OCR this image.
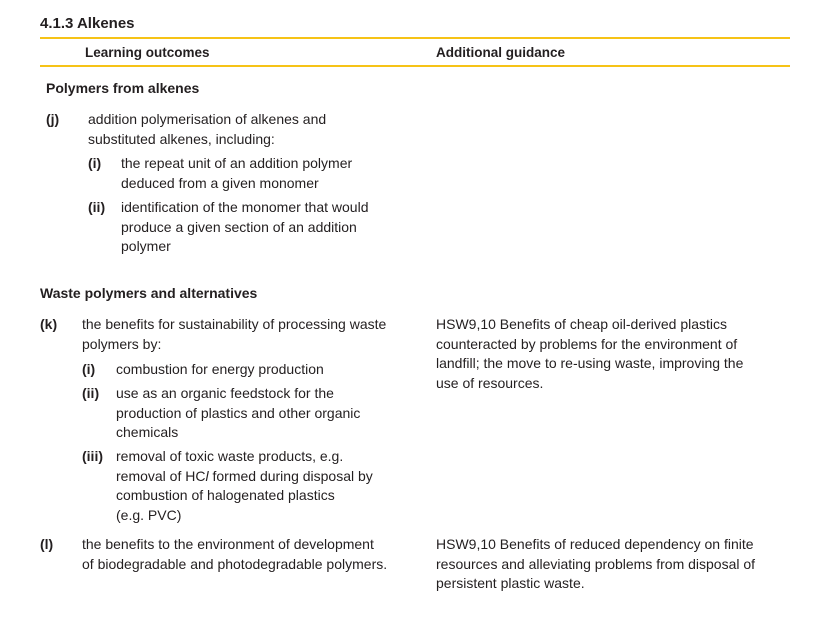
4.1.3 Alkenes
Learning outcomes	Additional guidance
Polymers from alkenes
(j) addition polymerisation of alkenes and
substituted alkenes, including:
(i) the repeat unit of an addition polymer
deduced from a given monomer
(ii) identification of the monomer that would
produce a given section of an addition
polymer
Waste polymers and alternatives
(k) the benefits for sustainability of processing waste
polymers by:
(i) combustion for energy production
(ii) use as an organic feedstock for the
production of plastics and other organic
chemicals
(iii) removal of toxic waste products, e.g.
removal of HCl formed during disposal by
combustion of halogenated plastics
(e.g. PVC)
HSW9,10 Benefits of cheap oil-derived plastics
counteracted by problems for the environment of
landfill; the move to re-using waste, improving the
use of resources.
(l) the benefits to the environment of development
of biodegradable and photodegradable polymers.
HSW9,10 Benefits of reduced dependency on finite
resources and alleviating problems from disposal of
persistent plastic waste.
